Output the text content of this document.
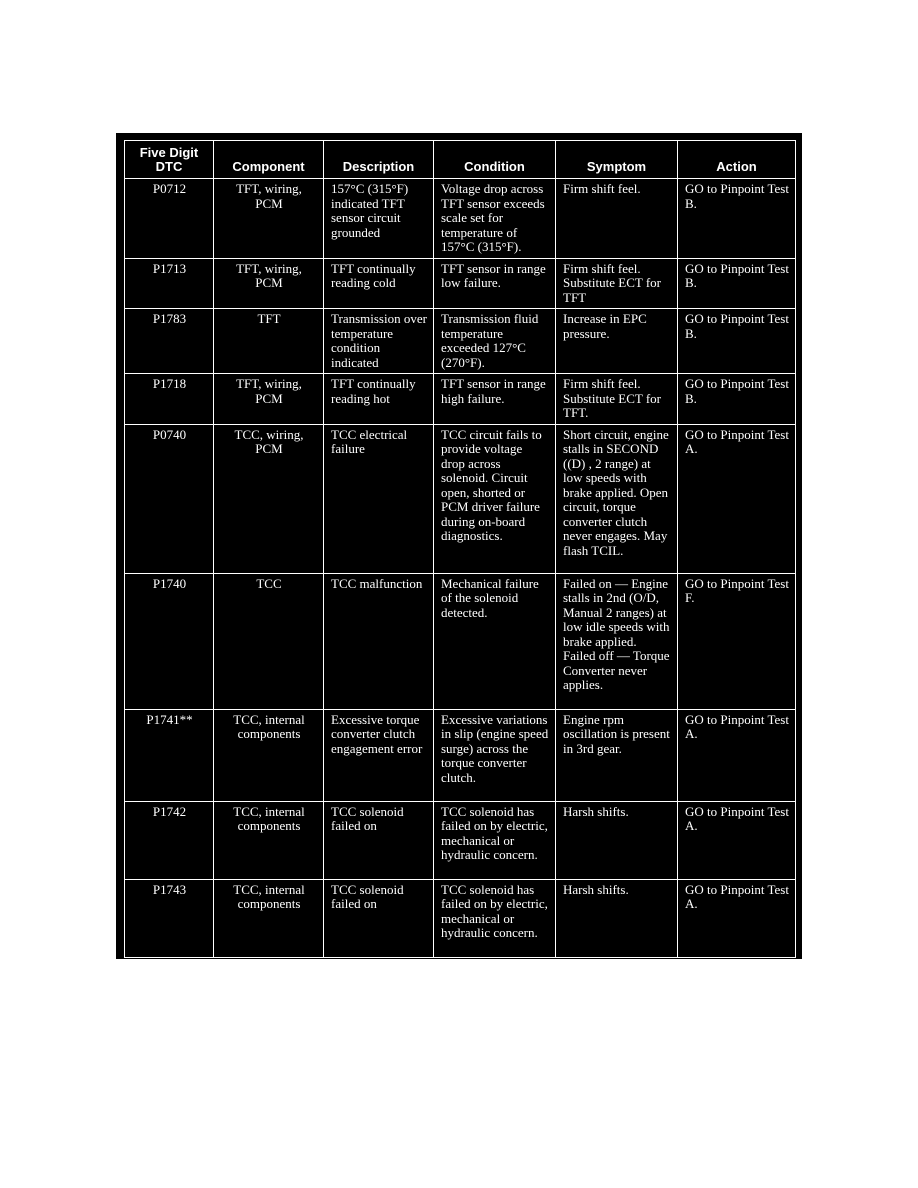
Five Digit DTC	Component	Description	Condition	Symptom	Action
P0712	TFT, wiring, PCM	157°C (315°F) indicated TFT sensor circuit grounded	Voltage drop across TFT sensor exceeds scale set for temperature of 157°C (315°F).	Firm shift feel.	GO to Pinpoint Test B.
P1713	TFT, wiring, PCM	TFT continually reading cold	TFT sensor in range low failure.	Firm shift feel. Substitute ECT for TFT	GO to Pinpoint Test B.
P1783	TFT	Transmission over temperature condition indicated	Transmission fluid temperature exceeded 127°C (270°F).	Increase in EPC pressure.	GO to Pinpoint Test B.
P1718	TFT, wiring, PCM	TFT continually reading hot	TFT sensor in range high failure.	Firm shift feel. Substitute ECT for TFT.	GO to Pinpoint Test B.
P0740	TCC, wiring, PCM	TCC electrical failure	TCC circuit fails to provide voltage drop across solenoid. Circuit open, shorted or PCM driver failure during on-board diagnostics.	Short circuit, engine stalls in SECOND ((D) , 2 range) at low speeds with brake applied. Open circuit, torque converter clutch never engages. May flash TCIL.	GO to Pinpoint Test A.
P1740	TCC	TCC malfunction	Mechanical failure of the solenoid detected.	Failed on — Engine stalls in 2nd (O/D, Manual 2 ranges) at low idle speeds with brake applied. Failed off — Torque Converter never applies.	GO to Pinpoint Test F.
P1741**	TCC, internal components	Excessive torque converter clutch engagement error	Excessive variations in slip (engine speed surge) across the torque converter clutch.	Engine rpm oscillation is present in 3rd gear.	GO to Pinpoint Test A.
P1742	TCC, internal components	TCC solenoid failed on	TCC solenoid has failed on by electric, mechanical or hydraulic concern.	Harsh shifts.	GO to Pinpoint Test A.
P1743	TCC, internal components	TCC solenoid failed on	TCC solenoid has failed on by electric, mechanical or hydraulic concern.	Harsh shifts.	GO to Pinpoint Test A.
